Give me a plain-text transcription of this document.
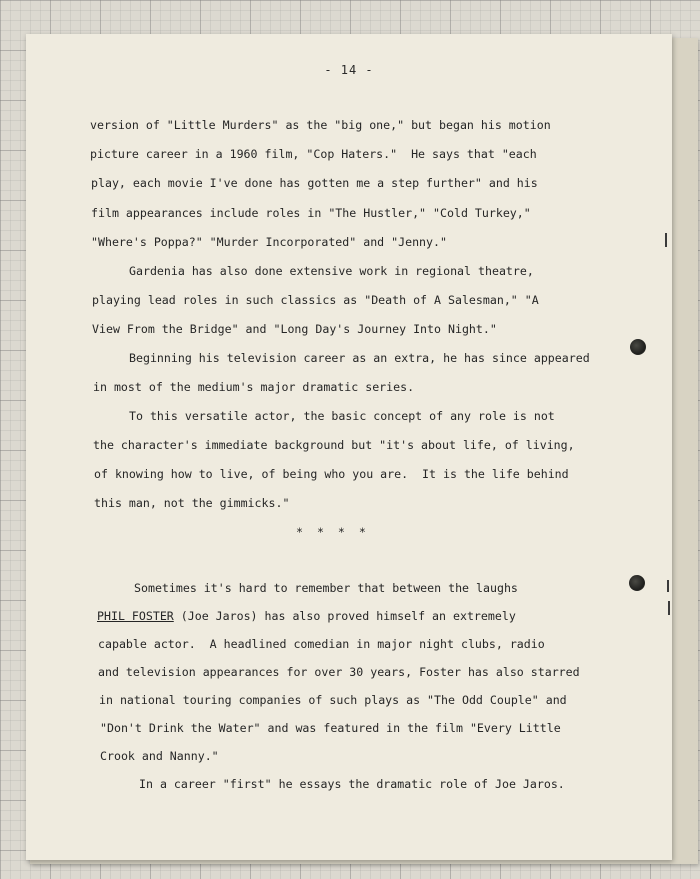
- 14 -
version of "Little Murders" as the "big one," but began his motion
picture career in a 1960 film, "Cop Haters."  He says that "each
play, each movie I've done has gotten me a step further" and his
film appearances include roles in "The Hustler," "Cold Turkey,"
"Where's Poppa?" "Murder Incorporated" and "Jenny."
Gardenia has also done extensive work in regional theatre,
playing lead roles in such classics as "Death of A Salesman," "A
View From the Bridge" and "Long Day's Journey Into Night."
Beginning his television career as an extra, he has since appeared
in most of the medium's major dramatic series.
To this versatile actor, the basic concept of any role is not
the character's immediate background but "it's about life, of living,
of knowing how to live, of being who you are.  It is the life behind
this man, not the gimmicks."
*  *  *  *
Sometimes it's hard to remember that between the laughs
PHIL FOSTER (Joe Jaros) has also proved himself an extremely
capable actor.  A headlined comedian in major night clubs, radio
and television appearances for over 30 years, Foster has also starred
in national touring companies of such plays as "The Odd Couple" and
"Don't Drink the Water" and was featured in the film "Every Little
Crook and Nanny."
In a career "first" he essays the dramatic role of Joe Jaros.
